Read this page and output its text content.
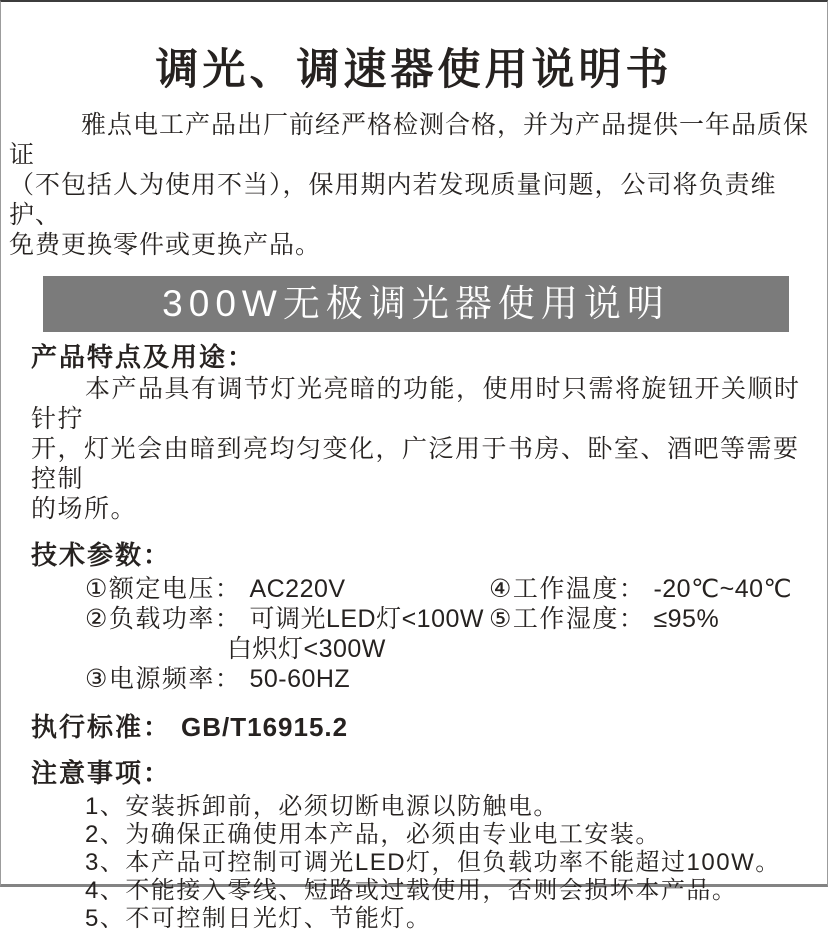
调光、调速器使用说明书
雅点电工产品出厂前经严格检测合格，并为产品提供一年品质保证
（不包括人为使用不当），保用期内若发现质量问题，公司将负责维护、
免费更换零件或更换产品。
300W无极调光器使用说明
产品特点及用途：
本产品具有调节灯光亮暗的功能，使用时只需将旋钮开关顺时针拧
开，灯光会由暗到亮均匀变化，广泛用于书房、卧室、酒吧等需要控制
的场所。
技术参数：
① 额定电压： AC220V
② 负载功率： 可调光LED灯<100W
白炽灯<300W
③ 电源频率： 50-60HZ
④ 工作温度： -20℃~40℃
⑤ 工作湿度： ≤95%
执行标准： GB/T16915.2
注意事项：
1、安装拆卸前，必须切断电源以防触电。
2、为确保正确使用本产品，必须由专业电工安装。
3、本产品可控制可调光LED灯，但负载功率不能超过100W。
4、不能接入零线、短路或过载使用，否则会损坏本产品。
5、不可控制日光灯、节能灯。
